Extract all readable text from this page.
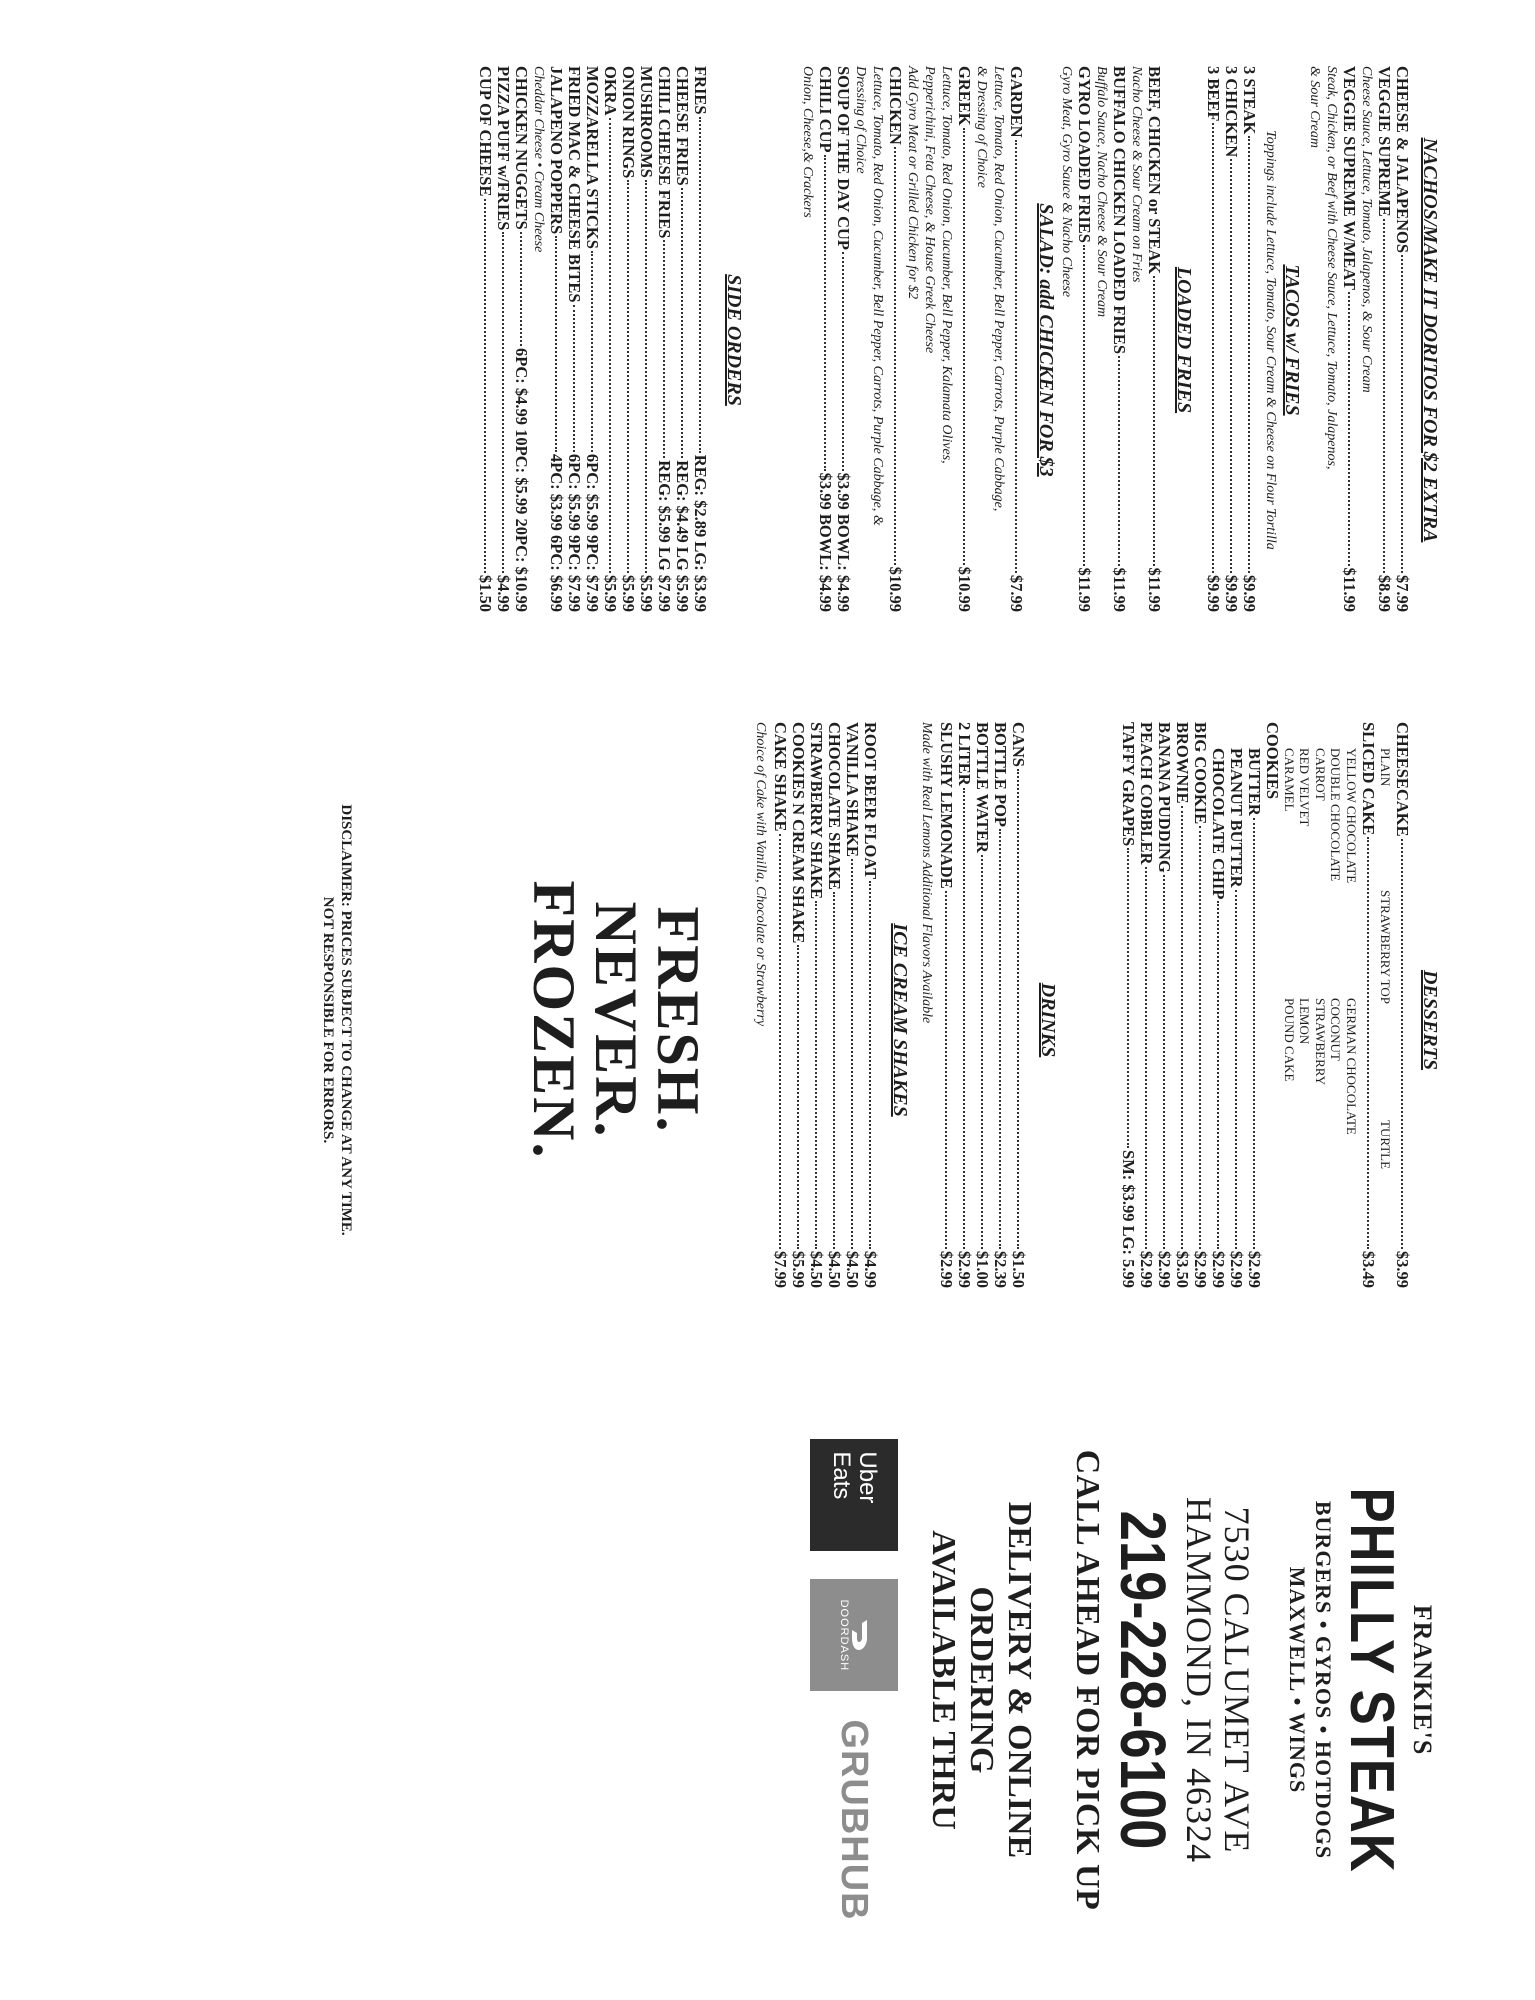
NACHOS/MAKE IT DORITOS FOR $2 EXTRA
CHEESE & JALAPENOS
$7.99
VEGGIE SUPREME
$8.99
Cheese Sauce, Lettuce, Tomato, Jalapenos, & Sour Cream
VEGGIE SUPREME W/MEAT
$11.99
Steak, Chicken, or Beef with Cheese Sauce, Lettuce, Tomato, Jalapenos,
& Sour Cream
TACOS w/ FRIES
Toppings include Lettuce, Tomato, Sour Cream & Cheese on Flour Tortilla
3 STEAK
$9.99
3 CHICKEN
$9.99
3 BEEF
$9.99
LOADED FRIES
BEEF, CHICKEN or STEAK
$11.99
Nacho Cheese & Sour Cream on Fries
BUFFALO CHICKEN LOADED FRIES
$11.99
Buffalo Sauce, Nacho Cheese & Sour Cream
GYRO LOADED FRIES
$11.99
Gyro Meat, Gyro Sauce & Nacho Cheese
SALAD: add CHICKEN FOR $3
GARDEN
$7.99
Lettuce, Tomato, Red Onion, Cucumber, Bell Pepper, Carrots, Purple Cabbage,
& Dressing of Choice
GREEK
$10.99
Lettuce, Tomato, Red Onion, Cucumber, Bell Pepper, Kalamata Olives,
Pepperichini, Feta Cheese, & House Greek Cheese
Add Gyro Meat or Grilled Chicken for $2
CHICKEN
$10.99
Lettuce, Tomato, Red Onion, Cucumber, Bell Pepper, Carrots, Purple Cabbage, &
Dressing of Choice
SOUP OF THE DAY CUP
$3.99 BOWL: $4.99
CHILI CUP
$3.99 BOWL: $4.99
Onion, Cheese,& Crackers
SIDE ORDERS
FRIES
REG: $2.89 LG: $3.99
CHEESE FRIES
REG: $4.49 LG $5.99
CHILI CHEESE FRIES
REG: $5.99 LG $7.99
MUSHROOMS
$5.99
ONION RINGS
$5.99
OKRA
$5.99
MOZZARELLA STICKS
6PC: $5.99 9PC: $7.99
FRIED MAC & CHEESE BITES
6PC: $5.99 9PC: $7.99
JALAPENO POPPERS
4PC: $3.99 6PC: $6.99
Cheddar Cheese • Cream Cheese
CHICKEN NUGGETS
6PC: $4.99 10PC: $5.99 20PC: $10.99
PIZZA PUFF w/FRIES
$4.99
CUP OF CHEESE
$1.50
DESSERTS
CHEESECAKE
$3.99
PLAIN
STRAWBERRY TOP
TURTLE
SLICED CAKE
$3.49
YELLOW CHOCOLATE
DOUBLE CHOCOLATE
CARROT
RED VELVET
CARAMEL
GERMAN CHOCOLATE
COCONUT
STRAWBERRY
LEMON
POUND CAKE
COOKIES
BUTTER
$2.99
PEANUT BUTTER
$2.99
CHOCOLATE CHIP
$2.99
BIG COOKIE
$2.99
BROWNIE
$3.50
BANANA PUDDING
$2.99
PEACH COBBLER
$2.99
TAFFY GRAPES
SM: $3.99 LG: 5.99
DRINKS
CANS
$1.50
BOTTLE POP
$2.39
BOTTLE WATER
$1.00
2 LITER
$2.99
SLUSHY LEMONADE
$2.99
Made with Real Lemons Additional Flavors Available
ICE CREAM SHAKES
ROOT BEER FLOAT
$4.99
VANILLA SHAKE
$4.50
CHOCOLATE SHAKE
$4.50
STRAWBERRY SHAKE
$4.50
COOKIES N CREAM SHAKE
$5.99
CAKE SHAKE
$7.99
Choice of Cake with Vanilla, Chocolate or Strawberry
FRESH.
NEVER.
FROZEN.
DISCLAIMER: PRICES SUBJECT TO CHANGE AT ANY TIME.
NOT RESPONSIBLE FOR ERRORS.
FRANKIE'S
PHILLY STEAK
BURGERS • GYROS • HOTDOGS
MAXWELL • WINGS
7530 CALUMET AVE
HAMMOND, IN 46324
219-228-6100
CALL AHEAD FOR PICK UP
DELIVERY & ONLINE
ORDERING
AVAILABLE THRU
Uber
Eats
DOORDASH
GRUBHUB
